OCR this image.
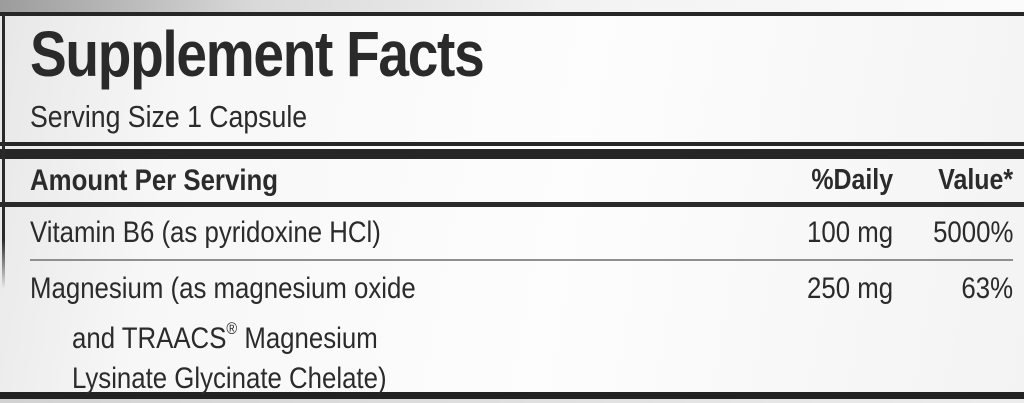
Supplement Facts
Serving Size 1 Capsule
Amount Per Serving	%Daily	Value*
Vitamin B6 (as pyridoxine HCl)	100 mg	5000%
Magnesium (as magnesium oxide
and TRAACS® Magnesium
Lysinate Glycinate Chelate)
250 mg	63%
